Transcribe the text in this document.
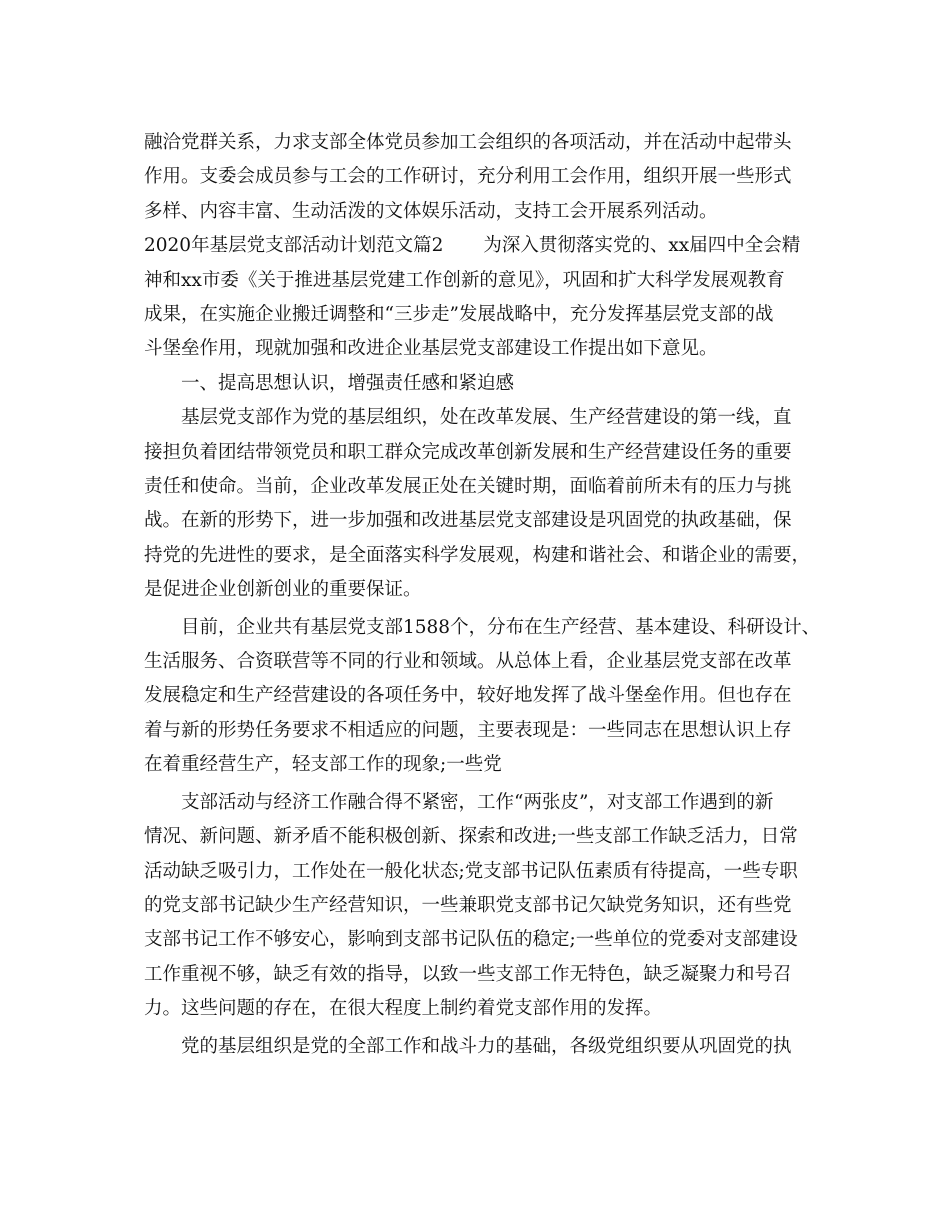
融洽党群关系，力求支部全体党员参加工会组织的各项活动，并在活动中起带头

作用。支委会成员参与工会的工作研讨，充分利用工会作用，组织开展一些形式

多样、内容丰富、生动活泼的文体娱乐活动，支持工会开展系列活动。

2020年基层党支部活动计划范文篇2 为深入贯彻落实党的、xx届四中全会精

神和xx市委《关于推进基层党建工作创新的意见》，巩固和扩大科学发展观教育

成果，在实施企业搬迁调整和“三步走”发展战略中，充分发挥基层党支部的战

斗堡垒作用，现就加强和改进企业基层党支部建设工作提出如下意见。

一、提高思想认识，增强责任感和紧迫感

基层党支部作为党的基层组织，处在改革发展、生产经营建设的第一线，直

接担负着团结带领党员和职工群众完成改革创新发展和生产经营建设任务的重要

责任和使命。当前，企业改革发展正处在关键时期，面临着前所未有的压力与挑

战。在新的形势下，进一步加强和改进基层党支部建设是巩固党的执政基础，保

持党的先进性的要求，是全面落实科学发展观，构建和谐社会、和谐企业的需要，

是促进企业创新创业的重要保证。

目前，企业共有基层党支部1588个，分布在生产经营、基本建设、科研设计、

生活服务、合资联营等不同的行业和领域。从总体上看，企业基层党支部在改革

发展稳定和生产经营建设的各项任务中，较好地发挥了战斗堡垒作用。但也存在

着与新的形势任务要求不相适应的问题，主要表现是：一些同志在思想认识上存

在着重经营生产，轻支部工作的现象;一些党

支部活动与经济工作融合得不紧密，工作“两张皮”，对支部工作遇到的新

情况、新问题、新矛盾不能积极创新、探索和改进;一些支部工作缺乏活力，日常

活动缺乏吸引力，工作处在一般化状态;党支部书记队伍素质有待提高，一些专职

的党支部书记缺少生产经营知识，一些兼职党支部书记欠缺党务知识，还有些党

支部书记工作不够安心，影响到支部书记队伍的稳定;一些单位的党委对支部建设

工作重视不够，缺乏有效的指导，以致一些支部工作无特色，缺乏凝聚力和号召

力。这些问题的存在，在很大程度上制约着党支部作用的发挥。

党的基层组织是党的全部工作和战斗力的基础，各级党组织要从巩固党的执
